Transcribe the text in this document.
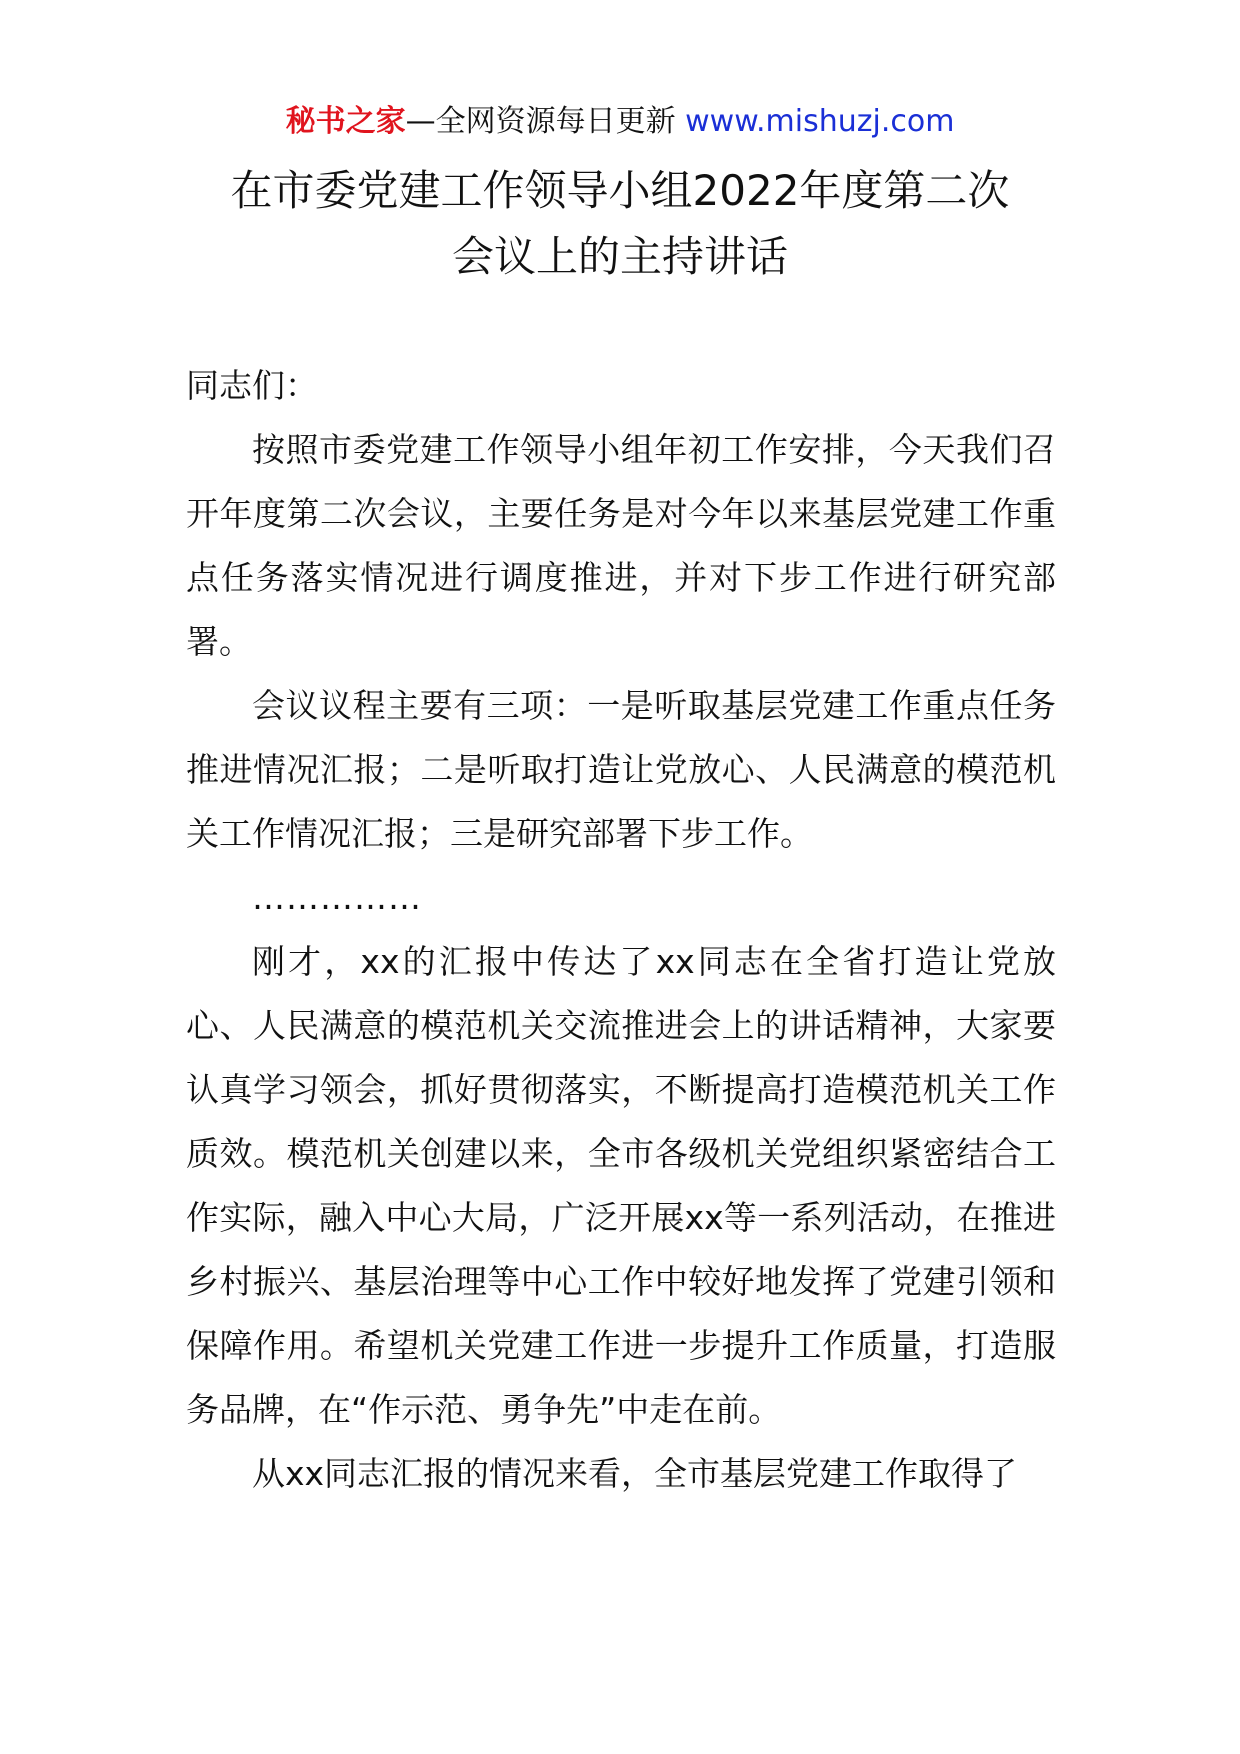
秘书之家—全网资源每日更新 www.mishuzj.com
在市委党建工作领导小组2022年度第二次
会议上的主持讲话

同志们：

按照市委党建工作领导小组年初工作安排，今天我们召开年度第二次会议，主要任务是对今年以来基层党建工作重点任务落实情况进行调度推进，并对下步工作进行研究部署。

会议议程主要有三项：一是听取基层党建工作重点任务推进情况汇报；二是听取打造让党放心、人民满意的模范机关工作情况汇报；三是研究部署下步工作。

……………

刚才，xx的汇报中传达了xx同志在全省打造让党放心、人民满意的模范机关交流推进会上的讲话精神，大家要认真学习领会，抓好贯彻落实，不断提高打造模范机关工作质效。模范机关创建以来，全市各级机关党组织紧密结合工作实际，融入中心大局，广泛开展xx等一系列活动，在推进乡村振兴、基层治理等中心工作中较好地发挥了党建引领和保障作用。希望机关党建工作进一步提升工作质量，打造服务品牌，在“作示范、勇争先”中走在前。

从xx同志汇报的情况来看，全市基层党建工作取得了
